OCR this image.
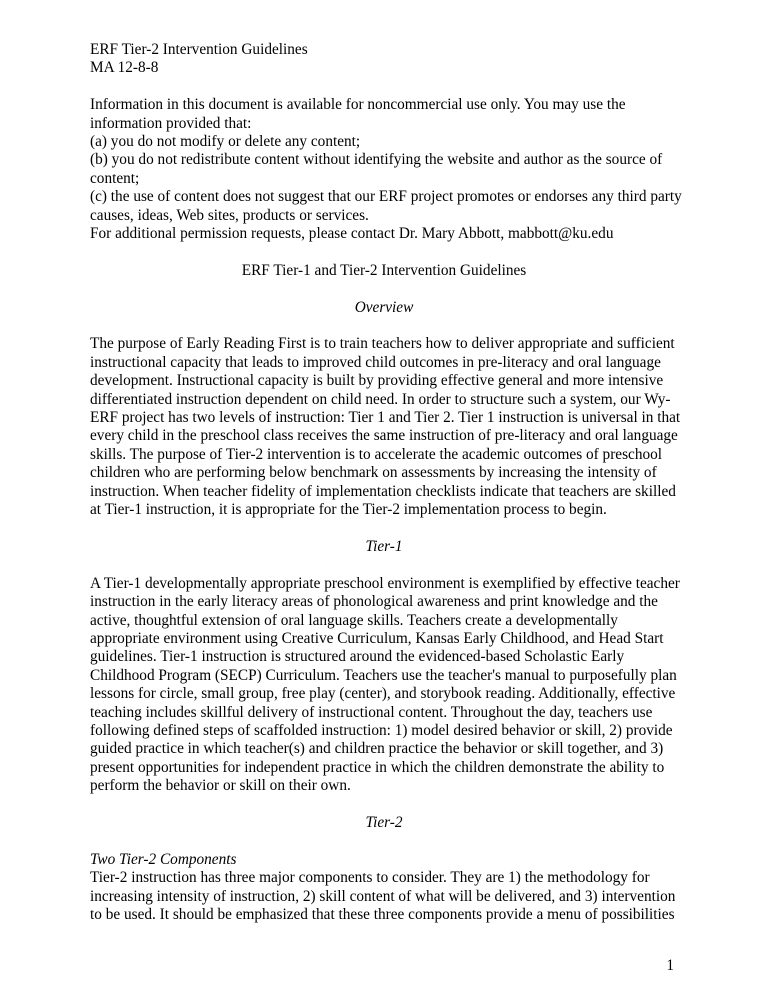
ERF Tier-2 Intervention Guidelines
MA 12-8-8
Information in this document is available for noncommercial use only. You may use the
information provided that:
(a) you do not modify or delete any content;
(b) you do not redistribute content without identifying the website and author as the source of
content;
(c) the use of content does not suggest that our ERF project promotes or endorses any third party
causes, ideas, Web sites, products or services.
For additional permission requests, please contact Dr. Mary Abbott, mabbott@ku.edu
ERF Tier-1 and Tier-2 Intervention Guidelines
Overview
The purpose of Early Reading First is to train teachers how to deliver appropriate and sufficient
instructional capacity that leads to improved child outcomes in pre-literacy and oral language
development. Instructional capacity is built by providing effective general and more intensive
differentiated instruction dependent on child need. In order to structure such a system, our Wy-
ERF project has two levels of instruction: Tier 1 and Tier 2. Tier 1 instruction is universal in that
every child in the preschool class receives the same instruction of pre-literacy and oral language
skills. The purpose of Tier-2 intervention is to accelerate the academic outcomes of preschool
children who are performing below benchmark on assessments by increasing the intensity of
instruction. When teacher fidelity of implementation checklists indicate that teachers are skilled
at Tier-1 instruction, it is appropriate for the Tier-2 implementation process to begin.
Tier-1
A Tier-1 developmentally appropriate preschool environment is exemplified by effective teacher
instruction in the early literacy areas of phonological awareness and print knowledge and the
active, thoughtful extension of oral language skills. Teachers create a developmentally
appropriate environment using Creative Curriculum, Kansas Early Childhood, and Head Start
guidelines. Tier-1 instruction is structured around the evidenced-based Scholastic Early
Childhood Program (SECP) Curriculum. Teachers use the teacher's manual to purposefully plan
lessons for circle, small group, free play (center), and storybook reading. Additionally, effective
teaching includes skillful delivery of instructional content. Throughout the day, teachers use
following defined steps of scaffolded instruction: 1) model desired behavior or skill, 2) provide
guided practice in which teacher(s) and children practice the behavior or skill together, and 3)
present opportunities for independent practice in which the children demonstrate the ability to
perform the behavior or skill on their own.
Tier-2
Two Tier-2 Components
Tier-2 instruction has three major components to consider. They are 1) the methodology for
increasing intensity of instruction, 2) skill content of what will be delivered, and 3) intervention
to be used. It should be emphasized that these three components provide a menu of possibilities
1
